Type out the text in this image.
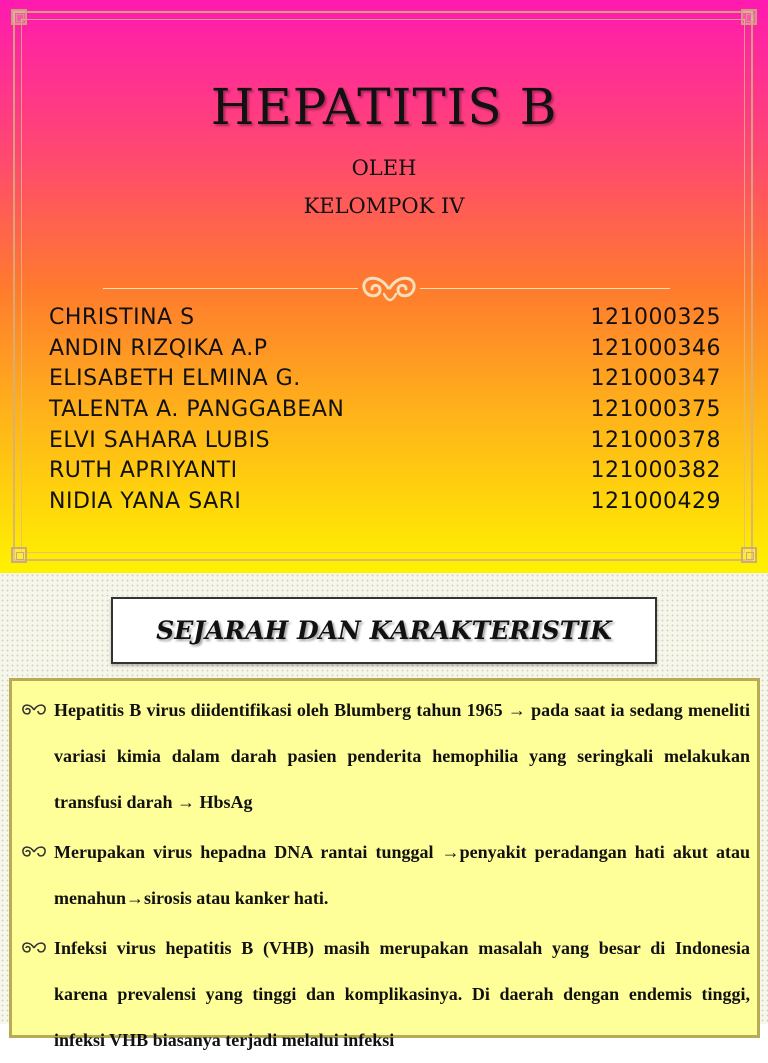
HEPATITIS B
OLEH
KELOMPOK IV
CHRISTINA S	121000325
ANDIN RIZQIKA A.P	121000346
ELISABETH ELMINA G.	121000347
TALENTA A. PANGGABEAN	121000375
ELVI SAHARA LUBIS	121000378
RUTH APRIYANTI	121000382
NIDIA YANA SARI	121000429
SEJARAH DAN KARAKTERISTIK
Hepatitis B virus diidentifikasi oleh Blumberg tahun 1965 → pada saat ia sedang meneliti variasi kimia dalam darah pasien penderita hemophilia yang seringkali melakukan transfusi darah → HbsAg
Merupakan virus hepadna DNA rantai tunggal →penyakit peradangan hati akut atau menahun→sirosis atau kanker hati.
Infeksi virus hepatitis B (VHB) masih merupakan masalah yang besar di Indonesia karena prevalensi yang tinggi dan komplikasinya. Di daerah dengan endemis tinggi, infeksi VHB biasanya terjadi melalui infeksi
